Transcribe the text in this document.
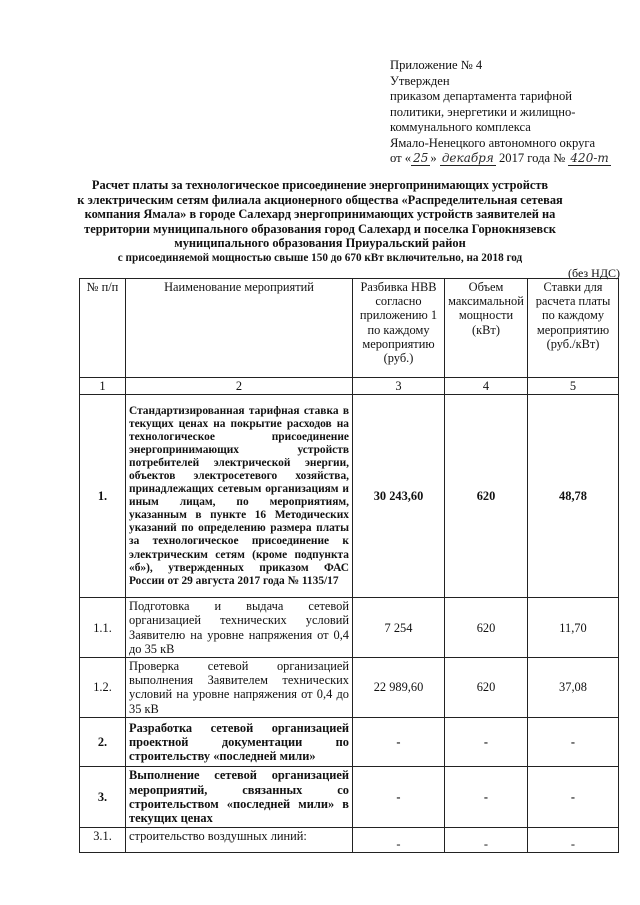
Приложение № 4
Утвержден
приказом департамента тарифной
политики, энергетики и жилищно-
коммунального комплекса
Ямало-Ненецкого автономного округа
от « 25 » декабря 2017 года № 420-т
Расчет платы за технологическое присоединение энергопринимающих устройств
к электрическим сетям филиала акционерного общества «Распределительная сетевая
компания Ямала» в городе Салехард энергопринимающих устройств заявителей на
территории муниципального образования город Салехард и поселка Горнокнязевск
муниципального образования Приуральский район
с присоединяемой мощностью свыше 150 до 670 кВт включительно, на 2018 год
(без НДС)
№ п/п	Наименование мероприятий	Разбивка НВВ согласно приложению 1 по каждому мероприятию (руб.)	Объем максимальной мощности (кВт)	Ставки для расчета платы по каждому мероприятию (руб./кВт)
1	2	3	4	5
1.	Стандартизированная тарифная ставка в текущих ценах на покрытие расходов на технологическое присоединение энергопринимающих устройств потребителей электрической энергии, объектов электросетевого хозяйства, принадлежащих сетевым организациям и иным лицам, по мероприятиям, указанным в пункте 16 Методических указаний по определению размера платы за технологическое присоединение к электрическим сетям (кроме подпункта «б»), утвержденных приказом ФАС России от 29 августа 2017 года № 1135/17	30 243,60	620	48,78
1.1.	Подготовка и выдача сетевой организацией технических условий Заявителю на уровне напряжения от 0,4 до 35 кВ	7 254	620	11,70
1.2.	Проверка сетевой организацией выполнения Заявителем технических условий на уровне напряжения от 0,4 до 35 кВ	22 989,60	620	37,08
2.	Разработка сетевой организацией проектной документации по строительству «последней мили»	-	-	-
3.	Выполнение сетевой организацией мероприятий, связанных со строительством «последней мили» в текущих ценах	-	-	-
3.1.	строительство воздушных линий:	-	-	-
